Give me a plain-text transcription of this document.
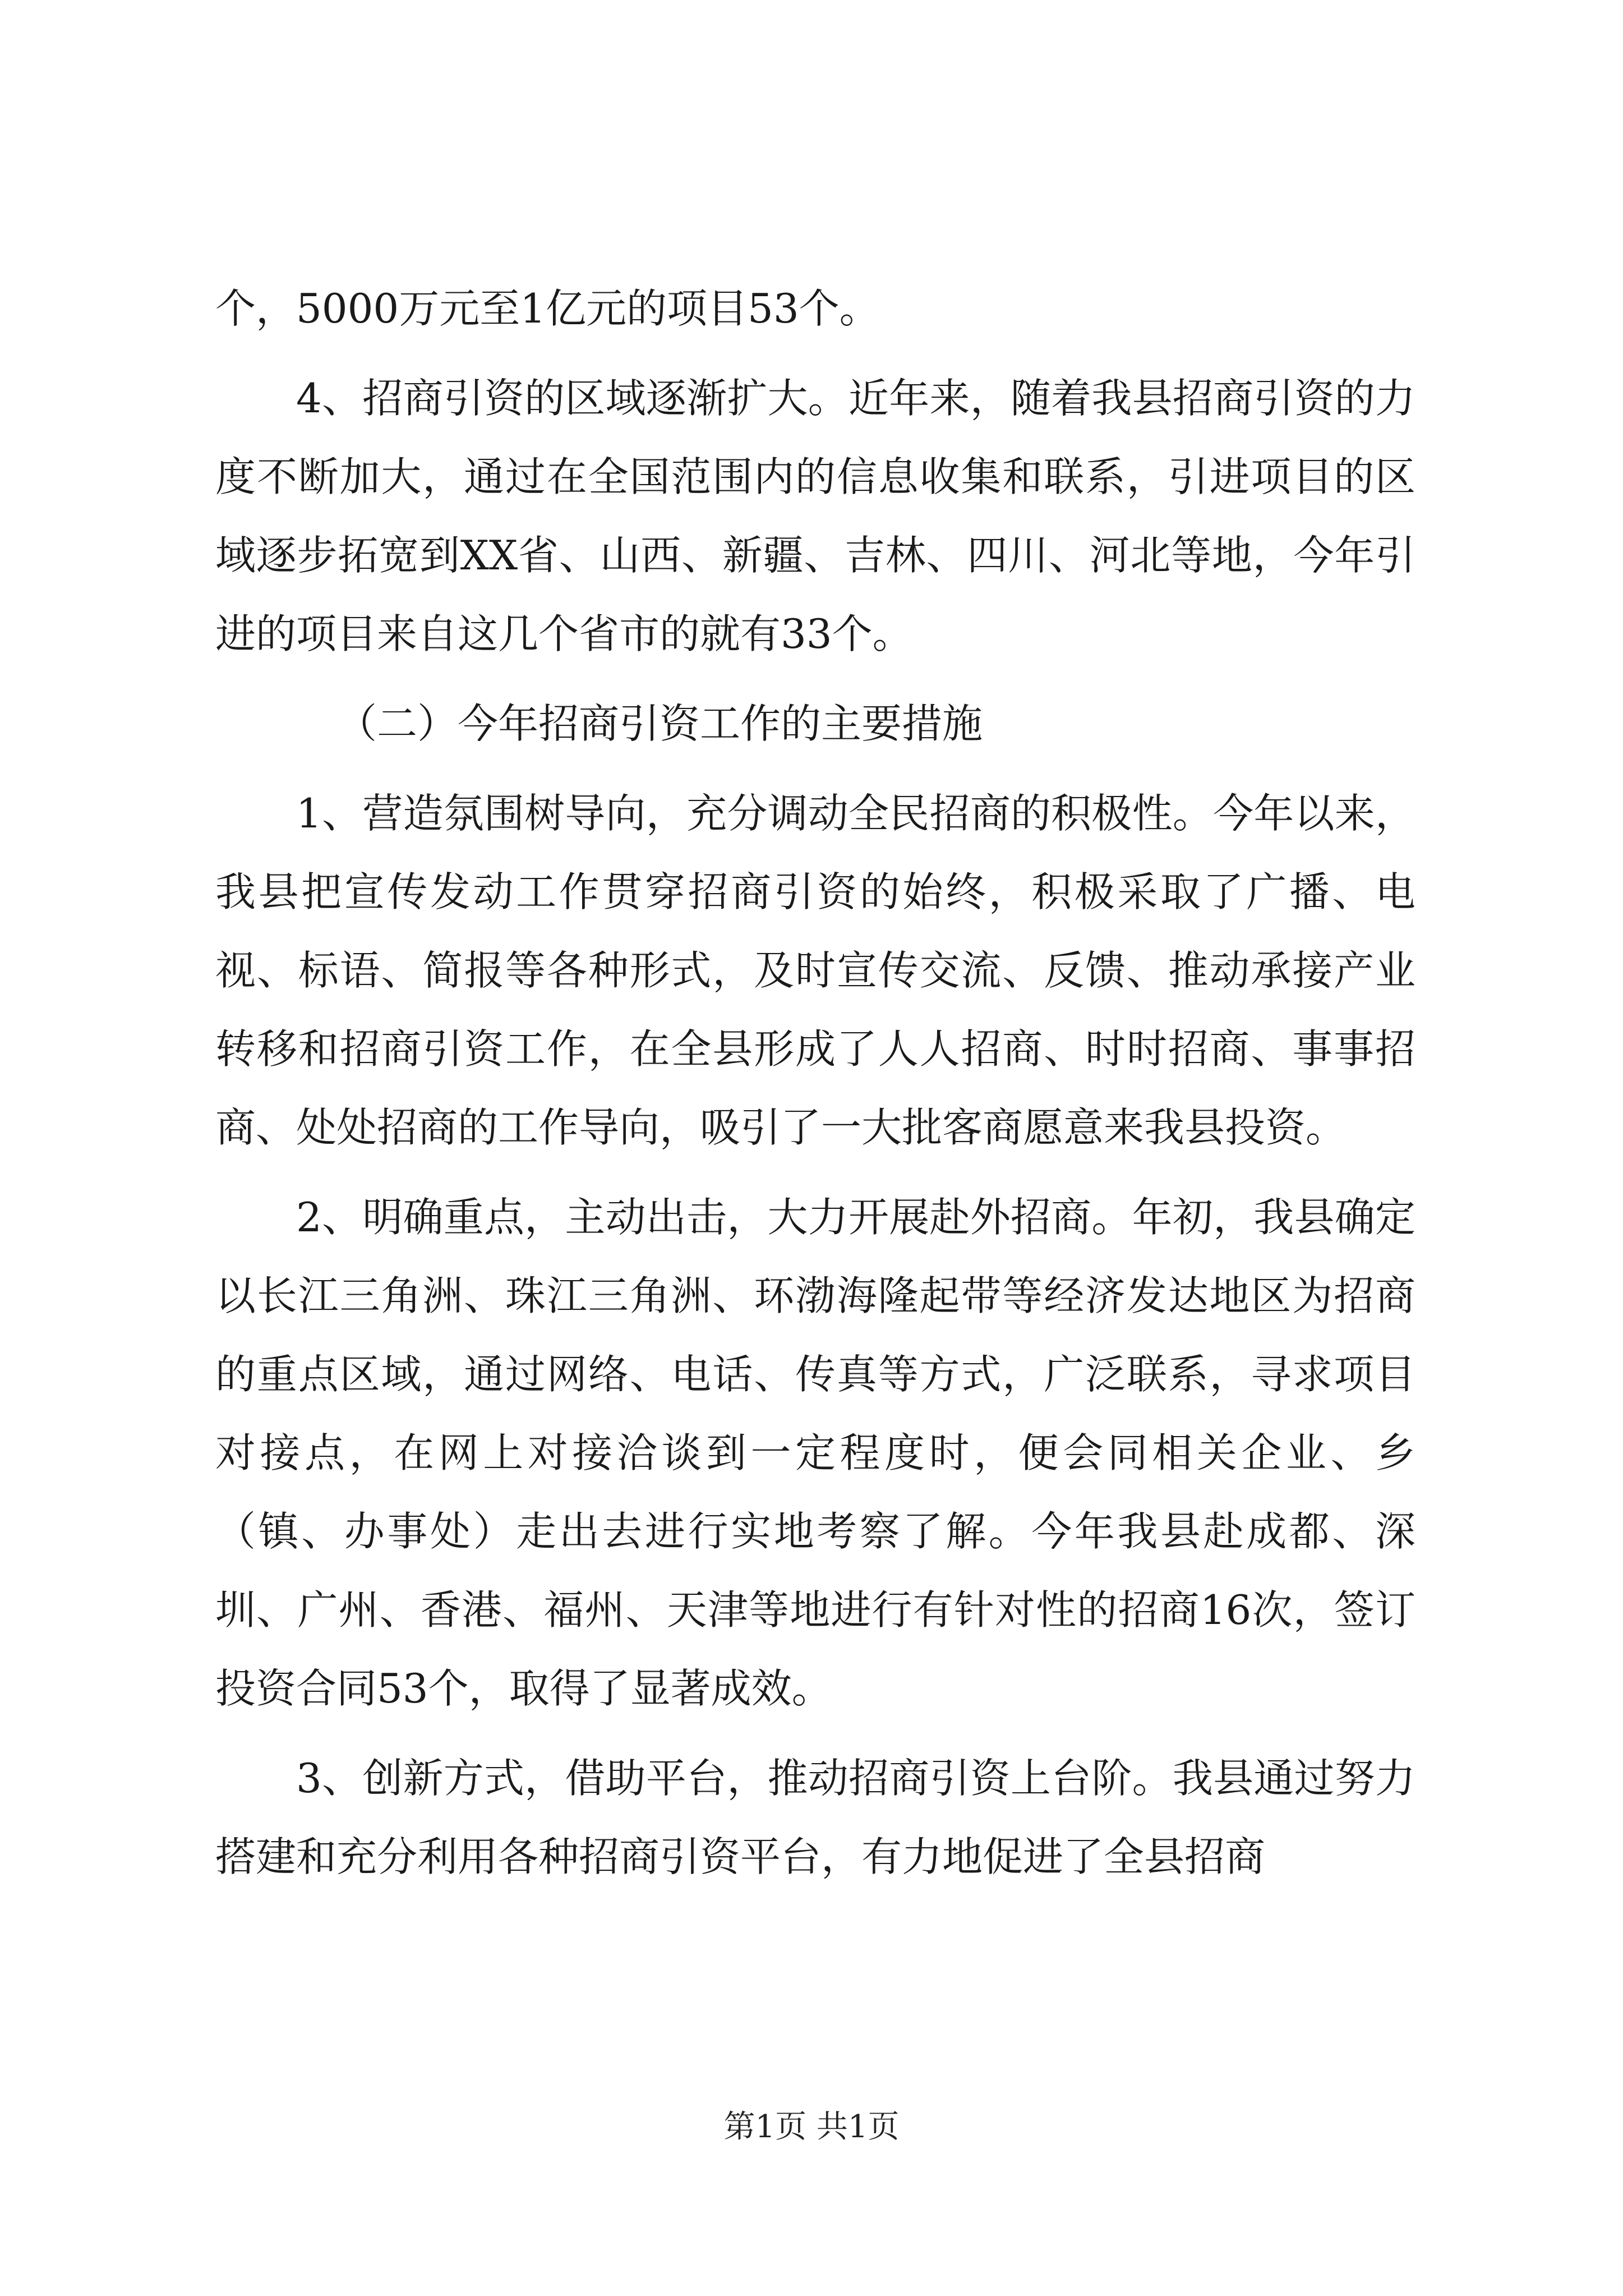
个，5000万元至1亿元的项目53个。

4、招商引资的区域逐渐扩大。近年来，随着我县招商引资的力度不断加大，通过在全国范围内的信息收集和联系，引进项目的区域逐步拓宽到XX省、山西、新疆、吉林、四川、河北等地，今年引进的项目来自这几个省市的就有33个。

（二）今年招商引资工作的主要措施

1、营造氛围树导向，充分调动全民招商的积极性。今年以来，我县把宣传发动工作贯穿招商引资的始终，积极采取了广播、电视、标语、简报等各种形式，及时宣传交流、反馈、推动承接产业转移和招商引资工作，在全县形成了人人招商、时时招商、事事招商、处处招商的工作导向，吸引了一大批客商愿意来我县投资。

2、明确重点，主动出击，大力开展赴外招商。年初，我县确定以长江三角洲、珠江三角洲、环渤海隆起带等经济发达地区为招商的重点区域，通过网络、电话、传真等方式，广泛联系，寻求项目对接点，在网上对接洽谈到一定程度时，便会同相关企业、乡（镇、办事处）走出去进行实地考察了解。今年我县赴成都、深圳、广州、香港、福州、天津等地进行有针对性的招商16次，签订投资合同53个，取得了显著成效。

3、创新方式，借助平台，推动招商引资上台阶。我县通过努力搭建和充分利用各种招商引资平台，有力地促进了全县招商

第1页 共1页
